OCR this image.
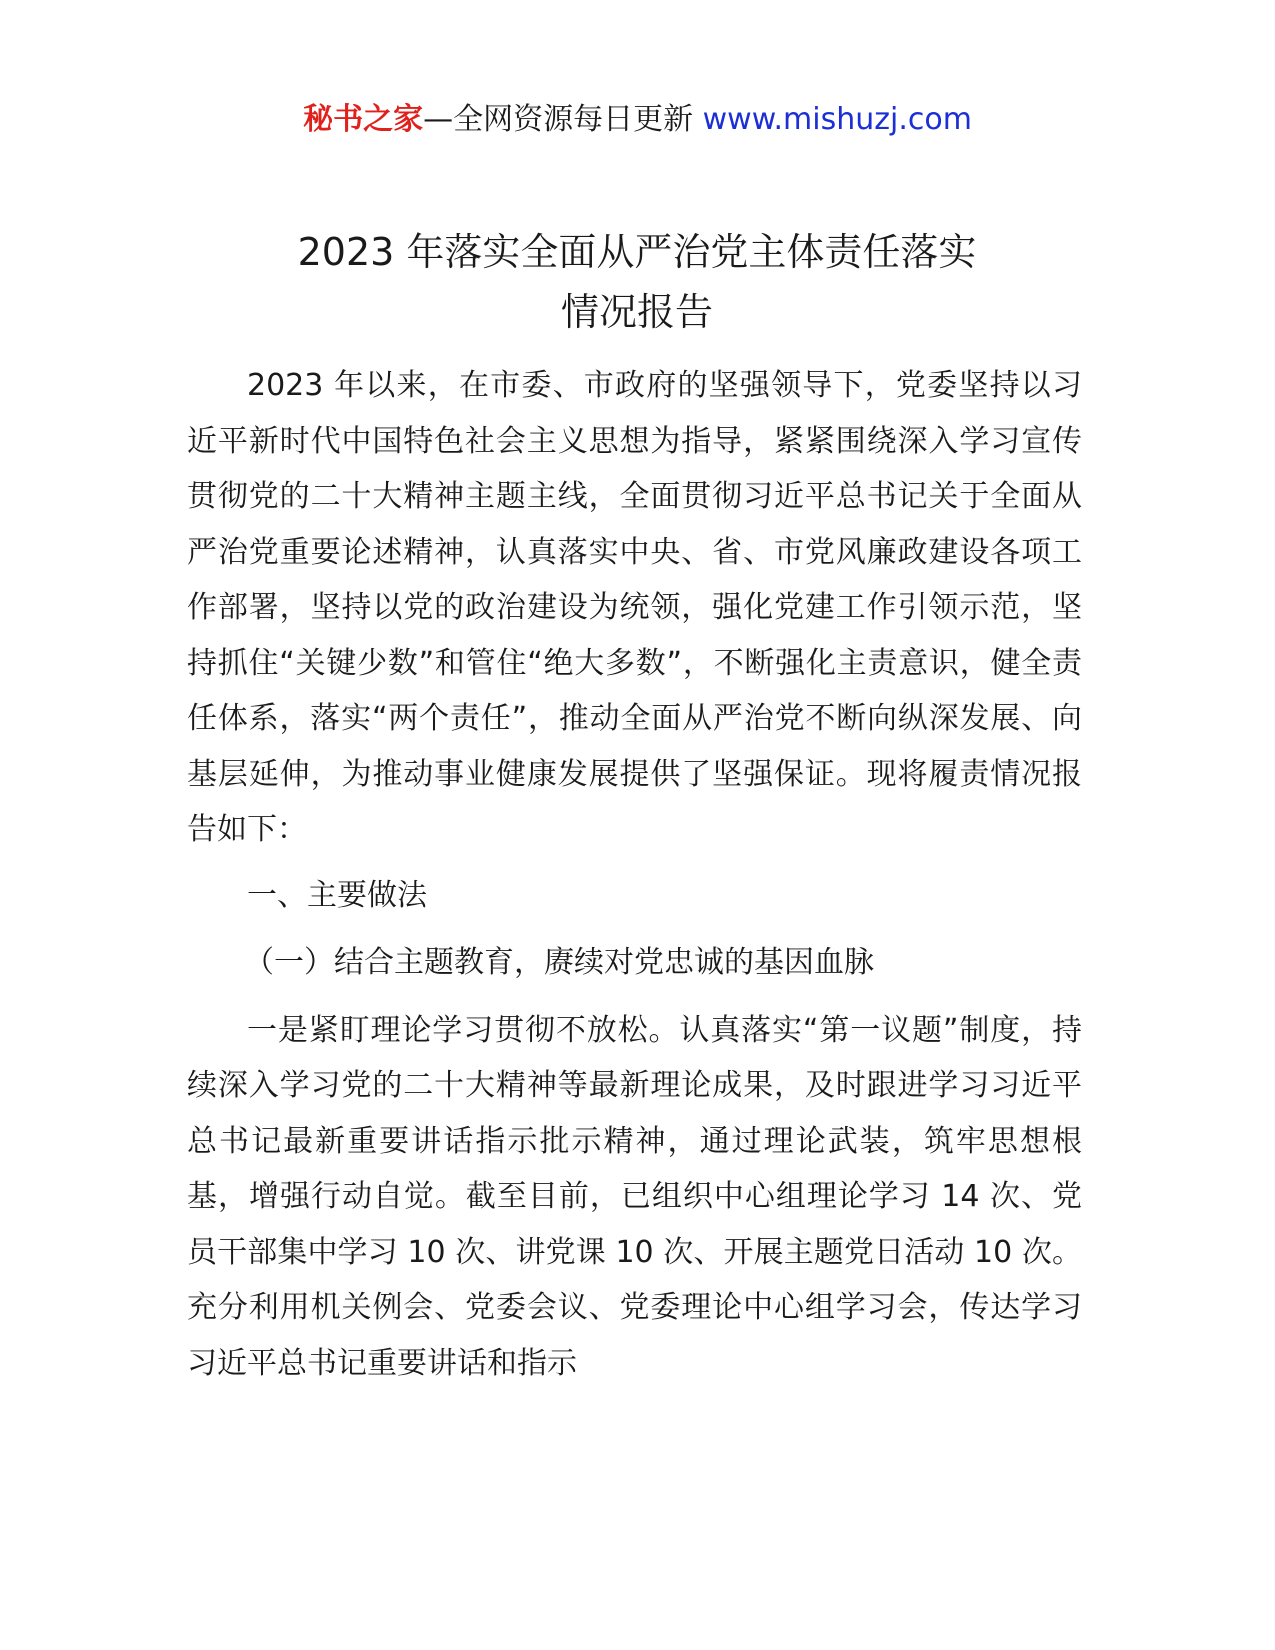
秘书之家—全网资源每日更新 www.mishuzj.com
2023 年落实全面从严治党主体责任落实
情况报告

2023 年以来，在市委、市政府的坚强领导下，党委坚持以习近平新时代中国特色社会主义思想为指导，紧紧围绕深入学习宣传贯彻党的二十大精神主题主线，全面贯彻习近平总书记关于全面从严治党重要论述精神，认真落实中央、省、市党风廉政建设各项工作部署，坚持以党的政治建设为统领，强化党建工作引领示范，坚持抓住“关键少数”和管住“绝大多数”，不断强化主责意识，健全责任体系，落实“两个责任”，推动全面从严治党不断向纵深发展、向基层延伸，为推动事业健康发展提供了坚强保证。现将履责情况报告如下：

一、主要做法

（一）结合主题教育，赓续对党忠诚的基因血脉

一是紧盯理论学习贯彻不放松。认真落实“第一议题”制度，持续深入学习党的二十大精神等最新理论成果，及时跟进学习习近平总书记最新重要讲话指示批示精神，通过理论武装，筑牢思想根基，增强行动自觉。截至目前，已组织中心组理论学习 14 次、党员干部集中学习 10 次、讲党课 10 次、开展主题党日活动 10 次。充分利用机关例会、党委会议、党委理论中心组学习会，传达学习习近平总书记重要讲话和指示
